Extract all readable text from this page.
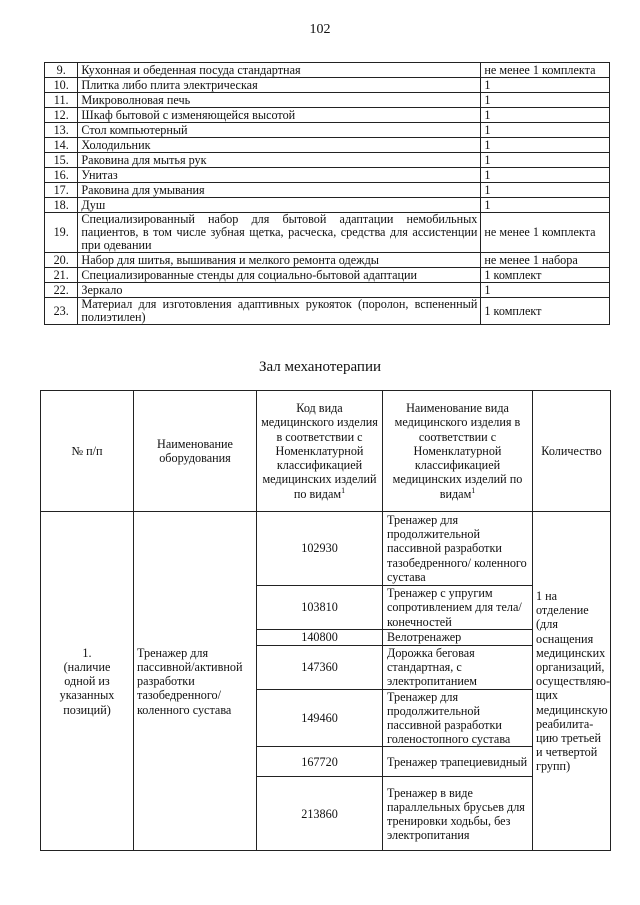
102
9.	Кухонная и обеденная посуда стандартная	не менее 1 комплекта
10.	Плитка либо плита электрическая	1
11.	Микроволновая печь	1
12.	Шкаф бытовой с изменяющейся высотой	1
13.	Стол компьютерный	1
14.	Холодильник	1
15.	Раковина для мытья рук	1
16.	Унитаз	1
17.	Раковина для умывания	1
18.	Душ	1
19.	Специализированный набор для бытовой адаптации немобильных пациентов, в том числе зубная щетка, расческа, средства для ассистенции при одевании	не менее 1 комплекта
20.	Набор для шитья, вышивания и мелкого ремонта одежды	не менее 1 набора
21.	Специализированные стенды для социально-бытовой адаптации	1 комплект
22.	Зеркало	1
23.	Материал для изготовления адаптивных рукояток (поролон, вспененный полиэтилен)	1 комплект
Зал механотерапии
№ п/п	Наименование оборудования	Код вида медицинского изделия в соответствии с Номенклатурной классификацией медицинских изделий по видам$^1$	Наименование вида медицинского изделия в соответствии с Номенклатурной классификацией медицинских изделий по видам$^1$	Количество

1.
(наличие одной из указанных позиций)	Тренажер для пассивной/активной разработки тазобедренного/ коленного сустава	102930	Тренажер для продолжительной пассивной разработки тазобедренного/ коленного сустава	1 на отделение (для оснащения медицинских организаций, осуществляю-щих медицинскую реабилита-цию третьей и четвертой групп)
		103810	Тренажер с упругим сопротивлением для тела/конечностей	
		140800	Велотренажер	
		147360	Дорожка беговая стандартная, с электропитанием	
		149460	Тренажер для продолжительной пассивной разработки голеностопного сустава	
		167720	Тренажер трапециевидный	
		213860	Тренажер в виде параллельных брусьев для тренировки ходьбы, без электропитания	
